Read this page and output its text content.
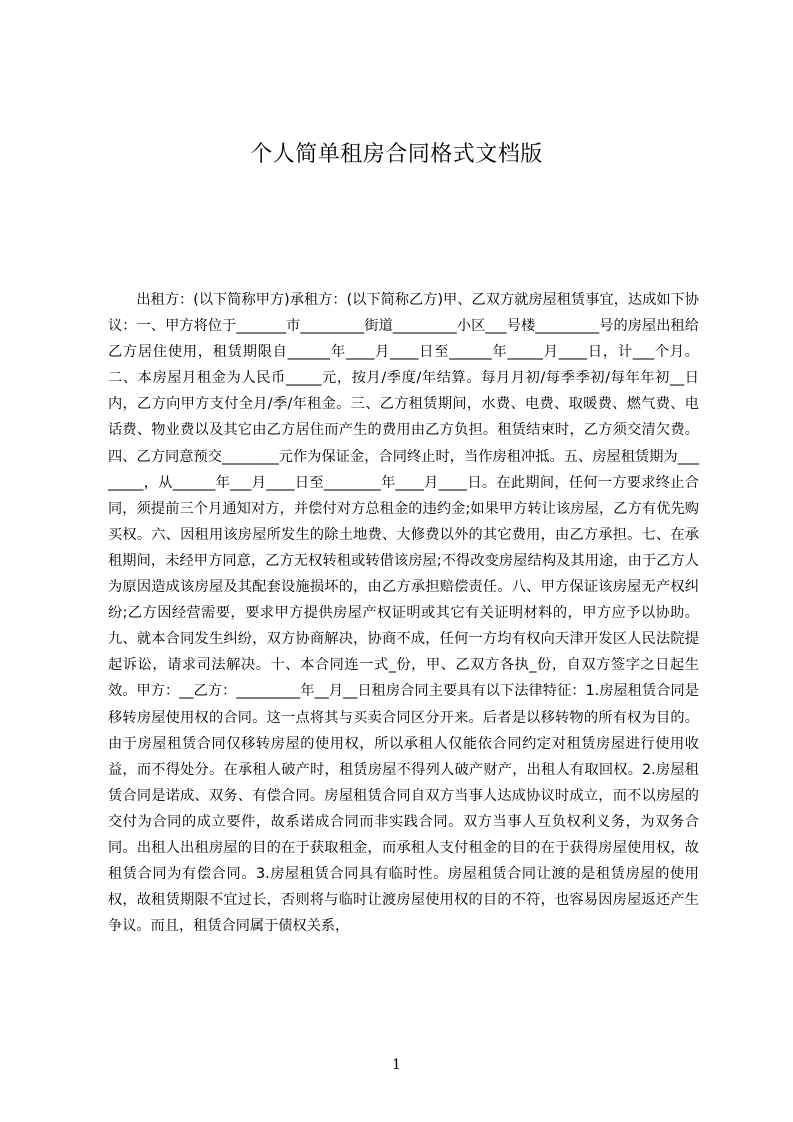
个人简单租房合同格式文档版

出租方：(以下简称甲方)承租方：(以下简称乙方)甲、乙双方就房屋租赁事宜，达成如下协议：一、甲方将位于_______市_________街道_________小区___号楼_________号的房屋出租给乙方居住使用，租赁期限自______年____月____日至______年_____月____日，计___个月。二、本房屋月租金为人民币_____元，按月/季度/年结算。每月月初/每季季初/每年年初__日内，乙方向甲方支付全月/季/年租金。三、乙方租赁期间，水费、电费、取暖费、燃气费、电话费、物业费以及其它由乙方居住而产生的费用由乙方负担。租赁结束时，乙方须交清欠费。四、乙方同意预交________元作为保证金，合同终止时，当作房租冲抵。五、房屋租赁期为________，从______年___月____日至________年____月____日。在此期间，任何一方要求终止合同，须提前三个月通知对方，并偿付对方总租金的违约金;如果甲方转让该房屋，乙方有优先购买权。六、因租用该房屋所发生的除土地费、大修费以外的其它费用，由乙方承担。七、在承租期间，未经甲方同意，乙方无权转租或转借该房屋;不得改变房屋结构及其用途，由于乙方人为原因造成该房屋及其配套设施损坏的，由乙方承担赔偿责任。八、甲方保证该房屋无产权纠纷;乙方因经营需要，要求甲方提供房屋产权证明或其它有关证明材料的，甲方应予以协助。九、就本合同发生纠纷，双方协商解决，协商不成，任何一方均有权向天津开发区人民法院提起诉讼，请求司法解决。十、本合同连一式_份，甲、乙双方各执_份，自双方签字之日起生效。甲方：__乙方：_________年__月__日租房合同主要具有以下法律特征：1.房屋租赁合同是移转房屋使用权的合同。这一点将其与买卖合同区分开来。后者是以移转物的所有权为目的。由于房屋租赁合同仅移转房屋的使用权，所以承租人仅能依合同约定对租赁房屋进行使用收益，而不得处分。在承租人破产时，租赁房屋不得列人破产财产，出租人有取回权。2.房屋租赁合同是诺成、双务、有偿合同。房屋租赁合同自双方当事人达成协议时成立，而不以房屋的交付为合同的成立要件，故系诺成合同而非实践合同。双方当事人互负权利义务，为双务合同。出租人出租房屋的目的在于获取租金，而承租人支付租金的目的在于获得房屋使用权，故租赁合同为有偿合同。3.房屋租赁合同具有临时性。房屋租赁合同让渡的是租赁房屋的使用权，故租赁期限不宜过长，否则将与临时让渡房屋使用权的目的不符，也容易因房屋返还产生争议。而且，租赁合同属于债权关系，

1
